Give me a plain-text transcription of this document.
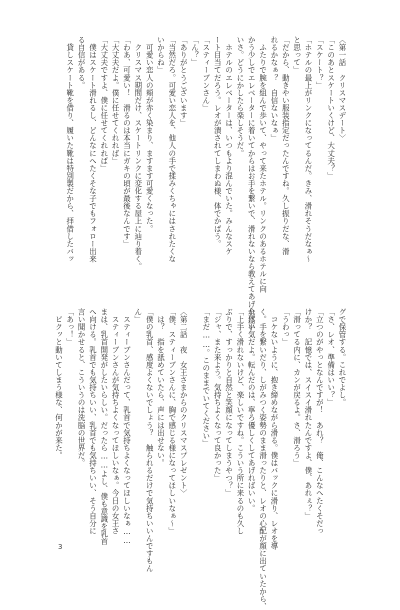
〈第一話　クリスマスデート〉
「このあとスケートいくけど、大丈夫？」
「スケート？」
「ホテルの最上がリンクになってるんだ。きみ、滑れそうだなぁ～
と思って」
「だから、動きやい服装指定だったんですね。久し振りだな、滑
れるかなぁ？　自信ないなぁ」
　ふたりで腕を組んで歩いて、やって来たホテル。リンクのあるホテルに向
かう少しでエレベーターに着いてからはお手を繋いで、滑れないなら教えてあげればい
いさ。どうにかしたら楽しそうだ。
　ホテルのエレベーターは、いつもより混んでいた。みんなスケ
ート目当てだろう。レオが潰されてしまわぬ様、体でかばう。
「スティーブンさん」
「ん？」
「ありがとうございます」
「当然だろ。可愛い恋人を、他人の手で揉みくちゃにはされたくな
いからね」
　可愛い恋人の頬が赤く染まり、ますます可愛くなった。
　クリスマス期間だけ、スケートリンクに変化する屋上に辿り着く。
「わあ、可愛い！　滑るのは本当にガキの頃が最後なんです」
「大丈夫だよ。僕に任せてくれれば」
「大丈夫ですよ、僕に任せてくれれば」
　僕はスケート滑れるし、どんなにへたくそな子でもフォロー出来
る自信がある。
　貸しスケート靴を借り、履いた靴は特別製だから、拝借したバッ
グで保管する。これでよし。
「さ、レオ、準備はいい？」
「立つのがやっとなんですが！　あれ？　俺、こんなへたくそだっ
けか？　記憶では、スイスイ滑れたんですよ、僕、あれぇ？」
「滑ってる内に、カンが戻るよ。さ、滑ろう」
「うわっ」
　コケないように、抱き締めながら滑る。僕はバックに滑り、レオを導
く。手を繋いだり、しがみつく姿勢のまま滑ったりと、レオの心配が顔に出ていたから、
全然平気だよ。転んだのは、寧ろ優しくしてあげればいい。
「上手く滑れないけど、楽しいですね。こういう所に来るのも久し
ぶりで、すっかりと自然と笑顔になってしまうやつ？」
「ジャ、また来よう。気持ちよくなって良かった」
「まだ……。このままでいてください」

〈第二話　夜　女王さまからのクリスマスプレゼント〉
「僕、スティーブンさんに、胸で感じる様になってほしいなぁ～」
　は？　指を舐めていたら、声には出せない。
「僕の乳首、感度よくないでしょう？　触られるだけで気持ちいいんですもん
ん」
　スティーブンさんだって、乳首で気持ちよくなってほしいなぁ……
　スティーブンさんが気持ちよくなってほしいなぁ。今日の女王さ
まは、乳首開発がしたいらしい。だったら……よし、僕も意識を乳首
へ向ける。乳首でも気持ちいい、乳首でも気持ちいい、そう自分に
言い聞かせると、こういうのは洗脳の世界だ。
「あっ！」
　ピクッと動いてしまう様な、何かが来た。
3
